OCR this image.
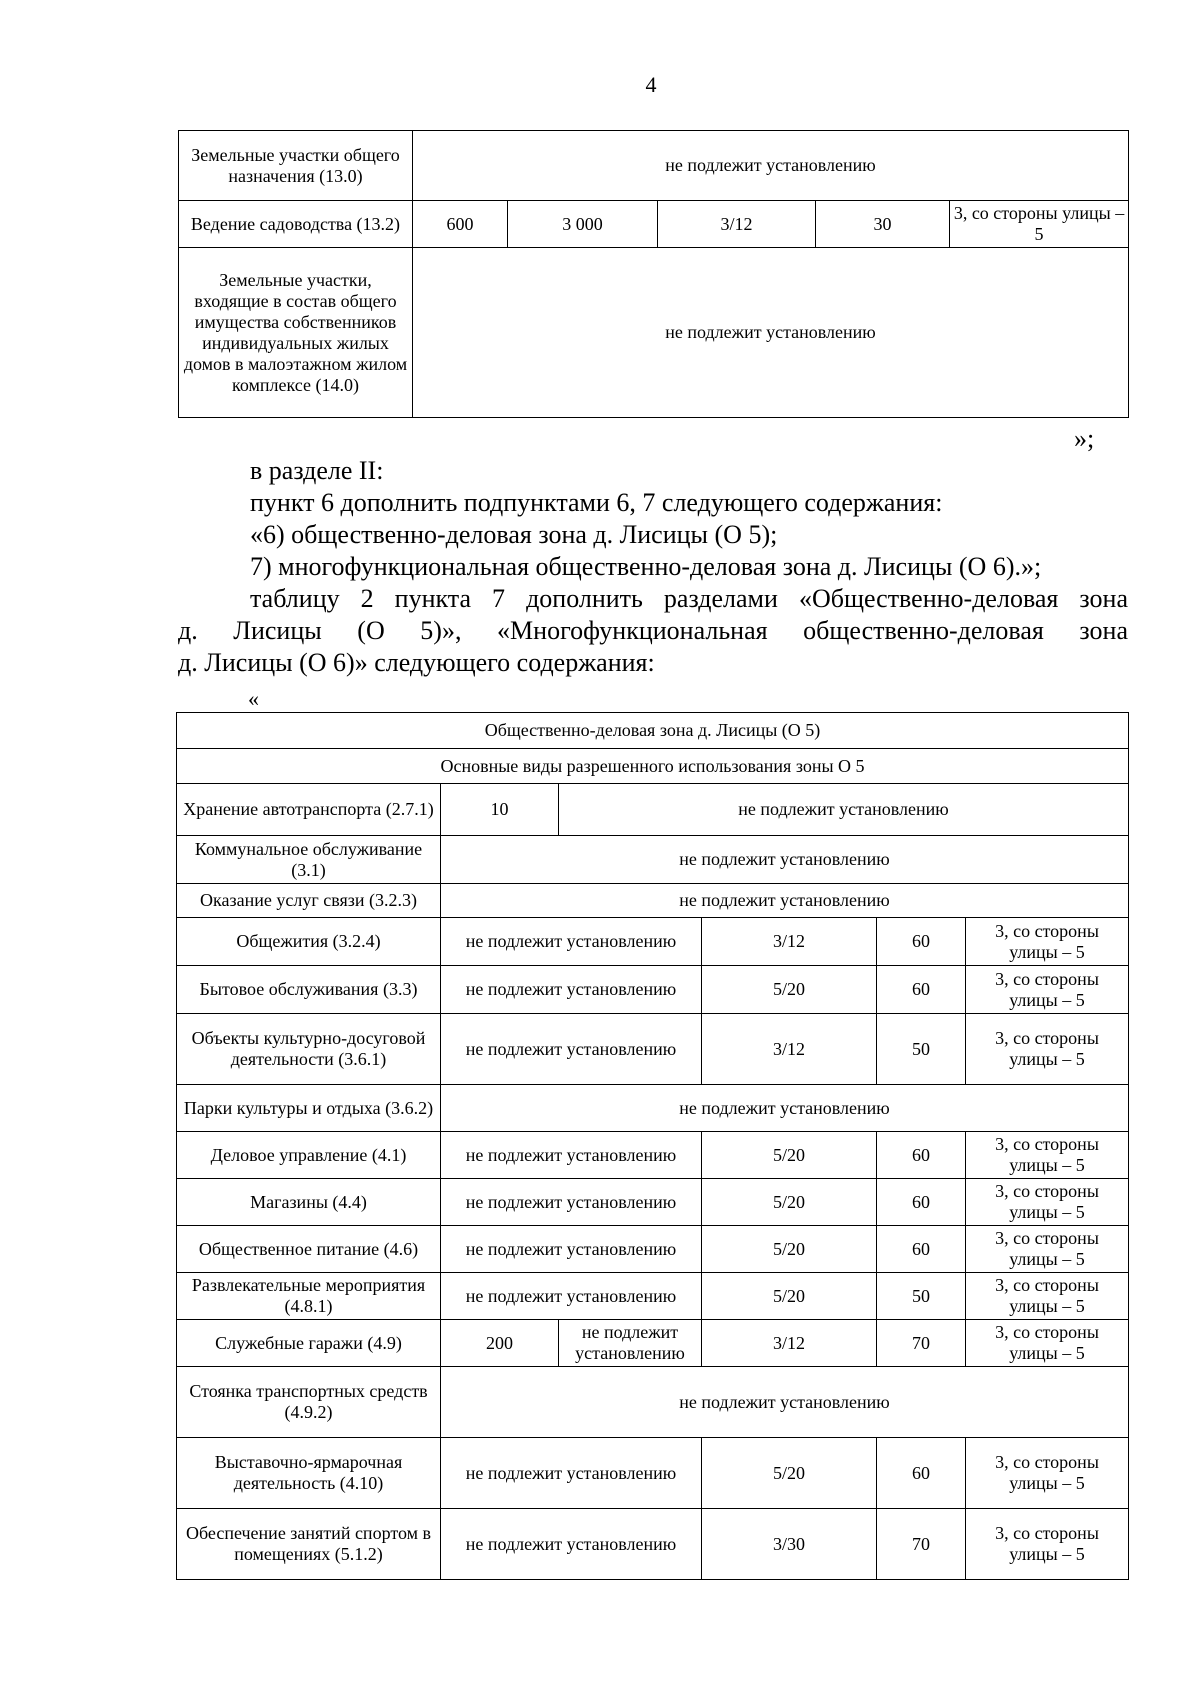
4
Земельные участки общего назначения (13.0)	не подлежит установлению				
Ведение садоводства (13.2)	600	3 000	3/12	30	3, со стороны улицы – 5
Земельные участки, входящие в состав общего имущества собственников индивидуальных жилых домов в малоэтажном жилом комплексе (14.0)	не подлежит установлению				
»;
в разделе II:
пункт 6 дополнить подпунктами 6, 7 следующего содержания:
«6) общественно-деловая зона д. Лисицы (О 5);
7) многофункциональная общественно-деловая зона д. Лисицы (О 6).»;
таблицу 2 пункта 7 дополнить разделами «Общественно-деловая зона
д. Лисицы (О 5)», «Многофункциональная общественно-деловая зона
д. Лисицы (О 6)» следующего содержания:
«
Общественно-деловая зона д. Лисицы (О 5)					
Основные виды разрешенного использования зоны О 5					
Хранение автотранспорта (2.7.1)	10	не подлежит установлению			
Коммунальное обслуживание (3.1)	не подлежит установлению				
Оказание услуг связи (3.2.3)	не подлежит установлению				
Общежития (3.2.4)	не подлежит установлению		3/12	60	3, со стороны улицы – 5
Бытовое обслуживания (3.3)	не подлежит установлению		5/20	60	3, со стороны улицы – 5
Объекты культурно-досуговой деятельности (3.6.1)	не подлежит установлению		3/12	50	3, со стороны улицы – 5
Парки культуры и отдыха (3.6.2)	не подлежит установлению				
Деловое управление (4.1)	не подлежит установлению		5/20	60	3, со стороны улицы – 5
Магазины (4.4)	не подлежит установлению		5/20	60	3, со стороны улицы – 5
Общественное питание (4.6)	не подлежит установлению		5/20	60	3, со стороны улицы – 5
Развлекательные мероприятия (4.8.1)	не подлежит установлению		5/20	50	3, со стороны улицы – 5
Служебные гаражи (4.9)	200	не подлежит установлению	3/12	70	3, со стороны улицы – 5
Стоянка транспортных средств (4.9.2)	не подлежит установлению				
Выставочно-ярмарочная деятельность (4.10)	не подлежит установлению		5/20	60	3, со стороны улицы – 5
Обеспечение занятий спортом в помещениях (5.1.2)	не подлежит установлению		3/30	70	3, со стороны улицы – 5
